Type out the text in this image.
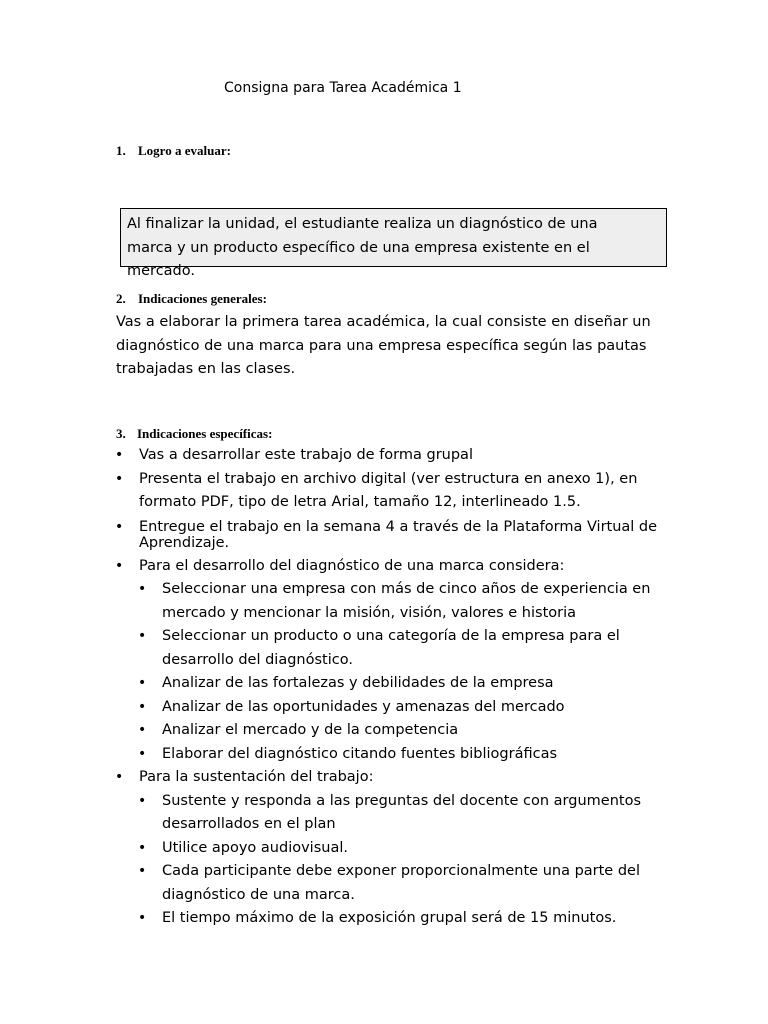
Consigna para Tarea Académica 1
1. Logro a evaluar:
Al finalizar la unidad, el estudiante realiza un diagnóstico de una marca y un producto específico de una empresa existente en el mercado.
2. Indicaciones generales:
Vas a elaborar la primera tarea académica, la cual consiste en diseñar un
diagnóstico de una marca para una empresa específica según las pautas
trabajadas en las clases.
3. Indicaciones específicas:
• Vas a desarrollar este trabajo de forma grupal
• Presenta el trabajo en archivo digital (ver estructura en anexo 1), en
formato PDF, tipo de letra Arial, tamaño 12, interlineado 1.5.
• Entregue el trabajo en la semana 4 a través de la Plataforma Virtual de
Aprendizaje.
• Para el desarrollo del diagnóstico de una marca considera:
• Seleccionar una empresa con más de cinco años de experiencia en
mercado y mencionar la misión, visión, valores e historia
• Seleccionar un producto o una categoría de la empresa para el
desarrollo del diagnóstico.
• Analizar de las fortalezas y debilidades de la empresa
• Analizar de las oportunidades y amenazas del mercado
• Analizar el mercado y de la competencia
• Elaborar del diagnóstico citando fuentes bibliográficas
• Para la sustentación del trabajo:
• Sustente y responda a las preguntas del docente con argumentos
desarrollados en el plan
• Utilice apoyo audiovisual.
• Cada participante debe exponer proporcionalmente una parte del
diagnóstico de una marca.
• El tiempo máximo de la exposición grupal será de 15 minutos.
